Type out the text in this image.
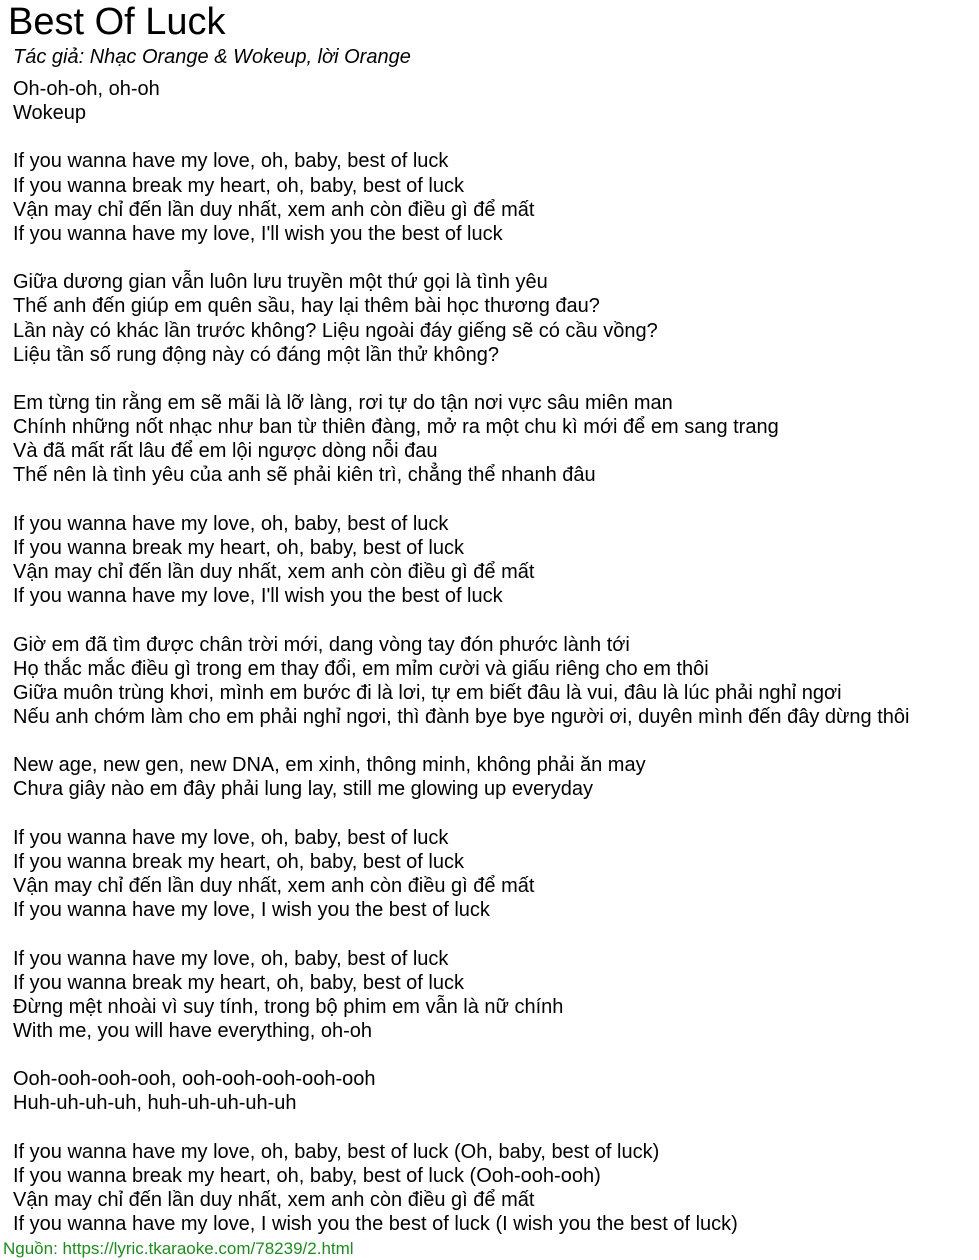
Best Of Luck
Tác giả: Nhạc Orange & Wokeup, lời Orange
Oh-oh-oh, oh-oh
Wokeup
If you wanna have my love, oh, baby, best of luck
If you wanna break my heart, oh, baby, best of luck
Vận may chỉ đến lần duy nhất, xem anh còn điều gì để mất
If you wanna have my love, I'll wish you the best of luck
Giữa dương gian vẫn luôn lưu truyền một thứ gọi là tình yêu
Thế anh đến giúp em quên sầu, hay lại thêm bài học thương đau?
Lần này có khác lần trước không? Liệu ngoài đáy giếng sẽ có cầu vồng?
Liệu tần số rung động này có đáng một lần thử không?
Em từng tin rằng em sẽ mãi là lỡ làng, rơi tự do tận nơi vực sâu miên man
Chính những nốt nhạc như ban từ thiên đàng, mở ra một chu kì mới để em sang trang
Và đã mất rất lâu để em lội ngược dòng nỗi đau
Thế nên là tình yêu của anh sẽ phải kiên trì, chẳng thể nhanh đâu
If you wanna have my love, oh, baby, best of luck
If you wanna break my heart, oh, baby, best of luck
Vận may chỉ đến lần duy nhất, xem anh còn điều gì để mất
If you wanna have my love, I'll wish you the best of luck
Giờ em đã tìm được chân trời mới, dang vòng tay đón phước lành tới
Họ thắc mắc điều gì trong em thay đổi, em mỉm cười và giấu riêng cho em thôi
Giữa muôn trùng khơi, mình em bước đi là lơi, tự em biết đâu là vui, đâu là lúc phải nghỉ ngơi
Nếu anh chớm làm cho em phải nghỉ ngơi, thì đành bye bye người ơi, duyên mình đến đây dừng thôi
New age, new gen, new DNA, em xinh, thông minh, không phải ăn may
Chưa giây nào em đây phải lung lay, still me glowing up everyday
If you wanna have my love, oh, baby, best of luck
If you wanna break my heart, oh, baby, best of luck
Vận may chỉ đến lần duy nhất, xem anh còn điều gì để mất
If you wanna have my love, I wish you the best of luck
If you wanna have my love, oh, baby, best of luck
If you wanna break my heart, oh, baby, best of luck
Đừng mệt nhoài vì suy tính, trong bộ phim em vẫn là nữ chính
With me, you will have everything, oh-oh
Ooh-ooh-ooh-ooh, ooh-ooh-ooh-ooh-ooh
Huh-uh-uh-uh, huh-uh-uh-uh-uh
If you wanna have my love, oh, baby, best of luck (Oh, baby, best of luck)
If you wanna break my heart, oh, baby, best of luck (Ooh-ooh-ooh)
Vận may chỉ đến lần duy nhất, xem anh còn điều gì để mất
If you wanna have my love, I wish you the best of luck (I wish you the best of luck)
Nguồn: https://lyric.tkaraoke.com/78239/2.html
